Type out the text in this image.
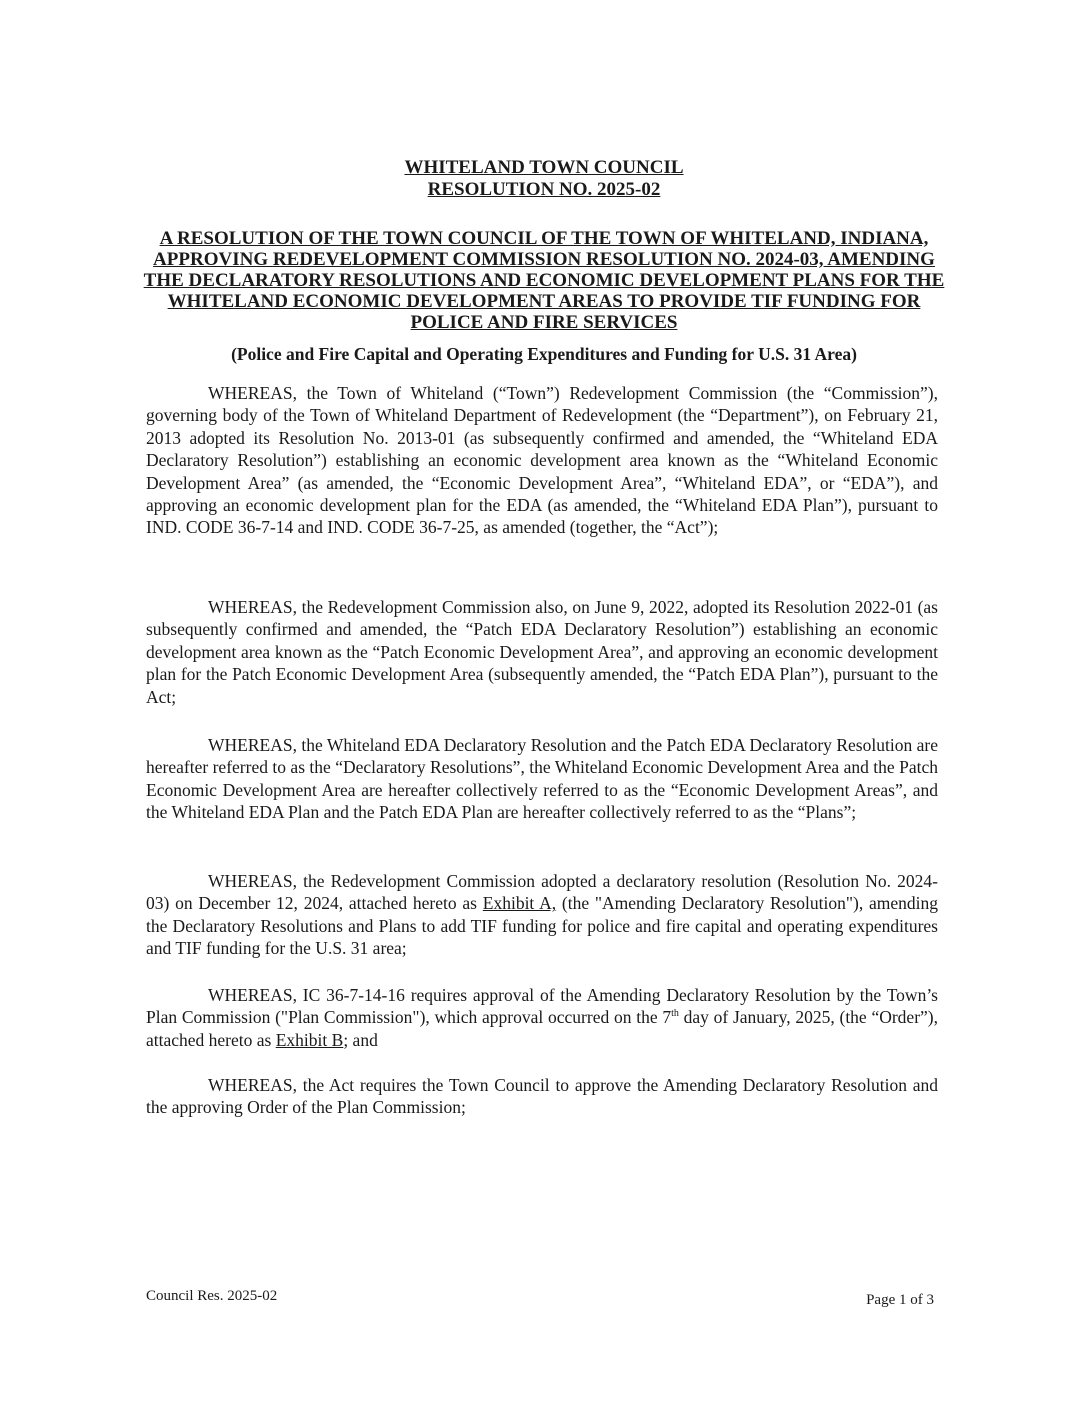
WHITELAND TOWN COUNCIL
RESOLUTION NO. 2025-02
A RESOLUTION OF THE TOWN COUNCIL OF THE TOWN OF WHITELAND, INDIANA, APPROVING REDEVELOPMENT COMMISSION RESOLUTION NO. 2024-03, AMENDING THE DECLARATORY RESOLUTIONS AND ECONOMIC DEVELOPMENT PLANS FOR THE WHITELAND ECONOMIC DEVELOPMENT AREAS TO PROVIDE TIF FUNDING FOR POLICE AND FIRE SERVICES
(Police and Fire Capital and Operating Expenditures and Funding for U.S. 31 Area)

WHEREAS, the Town of Whiteland (“Town”) Redevelopment Commission (the “Commission”), governing body of the Town of Whiteland Department of Redevelopment (the “Department”), on February 21, 2013 adopted its Resolution No. 2013-01 (as subsequently confirmed and amended, the “Whiteland EDA Declaratory Resolution”) establishing an economic development area known as the “Whiteland Economic Development Area” (as amended, the “Economic Development Area”, “Whiteland EDA”, or “EDA”), and approving an economic development plan for the EDA (as amended, the “Whiteland EDA Plan”), pursuant to IND. CODE 36-7-14 and IND. CODE 36-7-25, as amended (together, the “Act”);

WHEREAS, the Redevelopment Commission also, on June 9, 2022, adopted its Resolution 2022-01 (as subsequently confirmed and amended, the “Patch EDA Declaratory Resolution”) establishing an economic development area known as the “Patch Economic Development Area”, and approving an economic development plan for the Patch Economic Development Area (subsequently amended, the “Patch EDA Plan”), pursuant to the Act;

WHEREAS, the Whiteland EDA Declaratory Resolution and the Patch EDA Declaratory Resolution are hereafter referred to as the “Declaratory Resolutions”, the Whiteland Economic Development Area and the Patch Economic Development Area are hereafter collectively referred to as the “Economic Development Areas”, and the Whiteland EDA Plan and the Patch EDA Plan are hereafter collectively referred to as the “Plans”;

WHEREAS, the Redevelopment Commission adopted a declaratory resolution (Resolution No. 2024-03) on December 12, 2024, attached hereto as Exhibit A, (the "Amending Declaratory Resolution"), amending the Declaratory Resolutions and Plans to add TIF funding for police and fire capital and operating expenditures and TIF funding for the U.S. 31 area;

WHEREAS, IC 36-7-14-16 requires approval of the Amending Declaratory Resolution by the Town’s Plan Commission ("Plan Commission"), which approval occurred on the 7th day of January, 2025, (the “Order”), attached hereto as Exhibit B; and

WHEREAS, the Act requires the Town Council to approve the Amending Declaratory Resolution and the approving Order of the Plan Commission;

Council Res. 2025-02	Page 1 of 3
